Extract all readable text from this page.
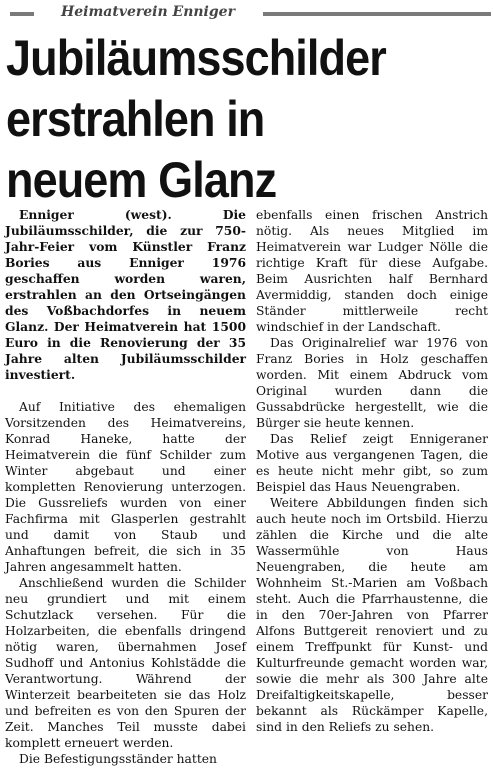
Heimatverein Enniger
Jubiläumsschilder
erstrahlen in
neuem Glanz

Enniger (west). Die Jubiläumsschilder, die zur 750-Jahr-Feier vom Künstler Franz Bories aus Enniger 1976 geschaffen worden waren, erstrahlen an den Ortseingängen des Voßbachdorfes in neuem Glanz. Der Heimatverein hat 1500 Euro in die Renovierung der 35 Jahre alten Jubiläumsschilder investiert.

Auf Initiative des ehemaligen Vorsitzenden des Heimatvereins, Konrad Haneke, hatte der Heimatverein die fünf Schilder zum Winter abgebaut und einer kompletten Renovierung unterzogen. Die Gussreliefs wurden von einer Fachfirma mit Glasperlen gestrahlt und damit von Staub und Anhaftungen befreit, die sich in 35 Jahren angesammelt hatten.

Anschließend wurden die Schilder neu grundiert und mit einem Schutzlack versehen. Für die Holzarbeiten, die ebenfalls dringend nötig waren, übernahmen Josef Sudhoff und Antonius Kohlstädde die Verantwortung. Während der Winterzeit bearbeiteten sie das Holz und befreiten es von den Spuren der Zeit. Manches Teil musste dabei komplett erneuert werden.

Die Befestigungsständer hatten

ebenfalls einen frischen Anstrich nötig. Als neues Mitglied im Heimatverein war Ludger Nölle die richtige Kraft für diese Aufgabe. Beim Ausrichten half Bernhard Avermiddig, standen doch einige Ständer mittlerweile recht windschief in der Landschaft.

Das Originalrelief war 1976 von Franz Bories in Holz geschaffen worden. Mit einem Abdruck vom Original wurden dann die Gussabdrücke hergestellt, wie die Bürger sie heute kennen.

Das Relief zeigt Ennigeraner Motive aus vergangenen Tagen, die es heute nicht mehr gibt, so zum Beispiel das Haus Neuengraben.

Weitere Abbildungen finden sich auch heute noch im Ortsbild. Hierzu zählen die Kirche und die alte Wassermühle von Haus Neuengraben, die heute am Wohnheim St.-Marien am Voßbach steht. Auch die Pfarrhaustenne, die in den 70er-Jahren von Pfarrer Alfons Buttgereit renoviert und zu einem Treffpunkt für Kunst- und Kulturfreunde gemacht worden war, sowie die mehr als 300 Jahre alte Dreifaltigkeitskapelle, besser bekannt als Rückämper Kapelle, sind in den Reliefs zu sehen.
